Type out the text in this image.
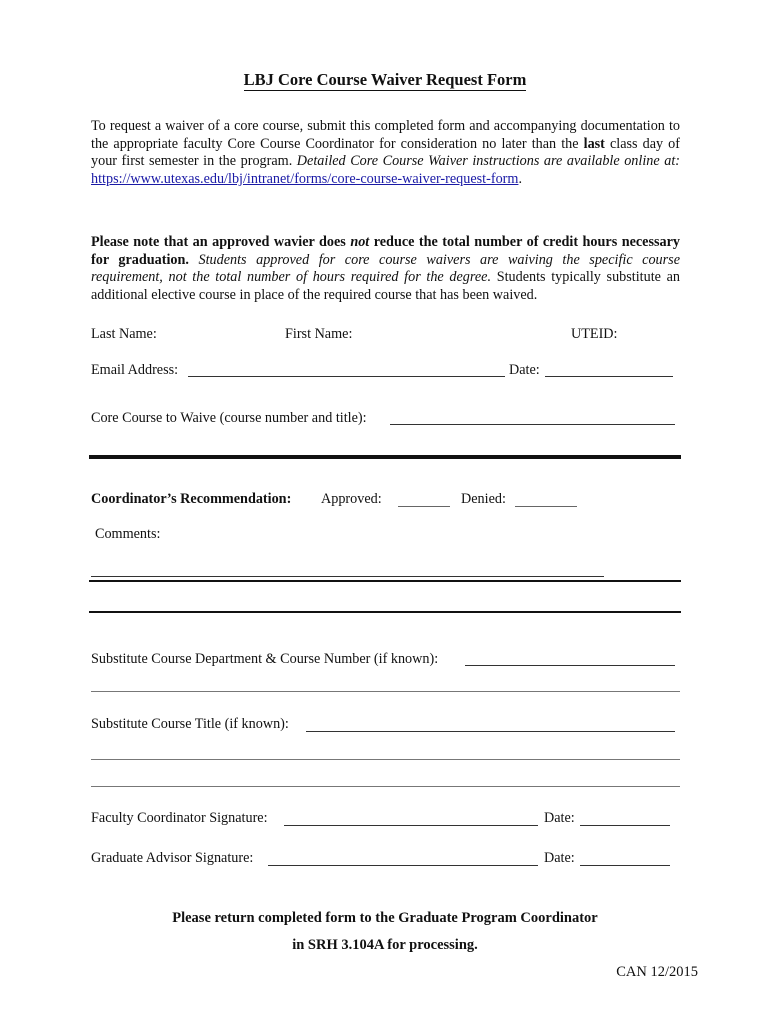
LBJ Core Course Waiver Request Form
To request a waiver of a core course, submit this completed form and accompanying documentation to the appropriate faculty Core Course Coordinator for consideration no later than the last class day of your first semester in the program. Detailed Core Course Waiver instructions are available online at: https://www.utexas.edu/lbj/intranet/forms/core-course-waiver-request-form.
Please note that an approved wavier does not reduce the total number of credit hours necessary for graduation. Students approved for core course waivers are waiving the specific course requirement, not the total number of hours required for the degree. Students typically substitute an additional elective course in place of the required course that has been waived.
Last Name:	First Name:	UTEID:
Email Address:	Date:
Core Course to Waive (course number and title):
Coordinator’s Recommendation: Approved:	Denied:
Comments:
Substitute Course Department & Course Number (if known):
Substitute Course Title (if known):
Faculty Coordinator Signature:	Date:
Graduate Advisor Signature:	Date:
Please return completed form to the Graduate Program Coordinator
in SRH 3.104A for processing.
CAN 12/2015
